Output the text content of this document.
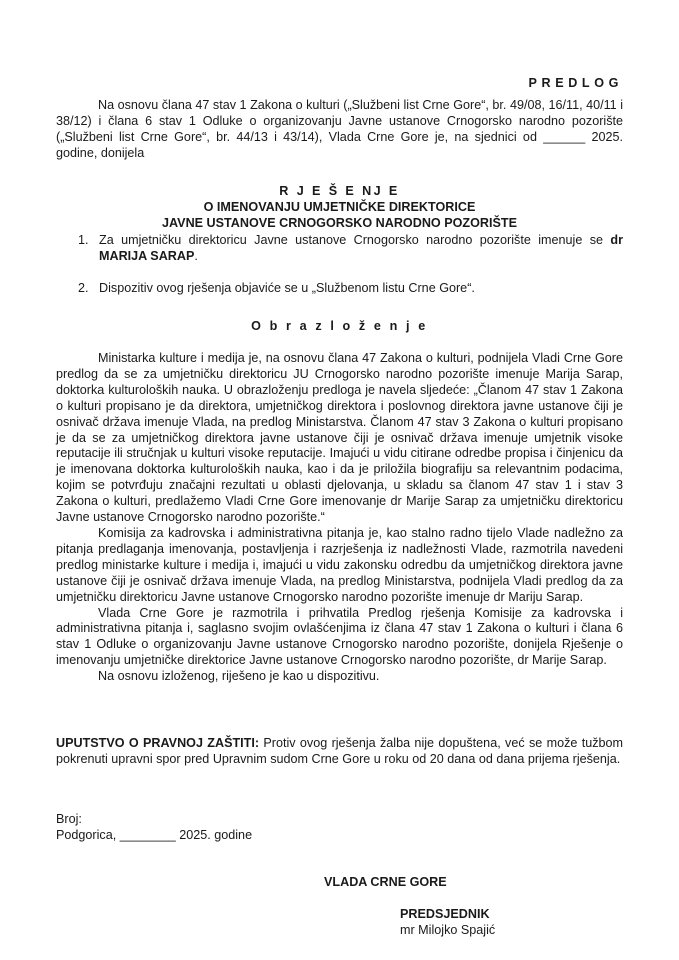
PREDLOG

Na osnovu člana 47 stav 1 Zakona o kulturi („Službeni list Crne Gore“, br. 49/08, 16/11, 40/11 i 38/12) i člana 6 stav 1 Odluke o organizovanju Javne ustanove Crnogorsko narodno pozorište („Službeni list Crne Gore“, br. 44/13 i 43/14), Vlada Crne Gore je, na sjednici od ______ 2025. godine, donijela

R J E Š E NJ E
O IMENOVANJU UMJETNIČKE DIREKTORICE
JAVNE USTANOVE CRNOGORSKO NARODNO POZORIŠTE
1. Za umjetničku direktoricu Javne ustanove Crnogorsko narodno pozorište imenuje se dr MARIJA SARAP.
2. Dispozitiv ovog rješenja objaviće se u „Službenom listu Crne Gore“.
O b r a z l o ž e n j e

Ministarka kulture i medija je, na osnovu člana 47 Zakona o kulturi, podnijela Vladi Crne Gore predlog da se za umjetničku direktoricu JU Crnogorsko narodno pozorište imenuje Marija Sarap, doktorka kulturoloških nauka. U obrazloženju predloga je navela sljedeće: „Članom 47 stav 1 Zakona o kulturi propisano je da direktora, umjetničkog direktora i poslovnog direktora javne ustanove čiji je osnivač država imenuje Vlada, na predlog Ministarstva. Članom 47 stav 3 Zakona o kulturi propisano je da se za umjetničkog direktora javne ustanove čiji je osnivač država imenuje umjetnik visoke reputacije ili stručnjak u kulturi visoke reputacije. Imajući u vidu citirane odredbe propisa i činjenicu da je imenovana doktorka kulturoloških nauka, kao i da je priložila biografiju sa relevantnim podacima, kojim se potvrđuju značajni rezultati u oblasti djelovanja, u skladu sa članom 47 stav 1 i stav 3 Zakona o kulturi, predlažemo Vladi Crne Gore imenovanje dr Marije Sarap za umjetničku direktoricu Javne ustanove Crnogorsko narodno pozorište.“

Komisija za kadrovska i administrativna pitanja je, kao stalno radno tijelo Vlade nadležno za pitanja predlaganja imenovanja, postavljenja i razrješenja iz nadležnosti Vlade, razmotrila navedeni predlog ministarke kulture i medija i, imajući u vidu zakonsku odredbu da umjetničkog direktora javne ustanove čiji je osnivač država imenuje Vlada, na predlog Ministarstva, podnijela Vladi predlog da za umjetničku direktoricu Javne ustanove Crnogorsko narodno pozorište imenuje dr Mariju Sarap.

Vlada Crne Gore je razmotrila i prihvatila Predlog rješenja Komisije za kadrovska i administrativna pitanja i, saglasno svojim ovlašćenjima iz člana 47 stav 1 Zakona o kulturi i člana 6 stav 1 Odluke o organizovanju Javne ustanove Crnogorsko narodno pozorište, donijela Rješenje o imenovanju umjetničke direktorice Javne ustanove Crnogorsko narodno pozorište, dr Marije Sarap.

Na osnovu izloženog, riješeno je kao u dispozitivu.

UPUTSTVO O PRAVNOJ ZAŠTITI: Protiv ovog rješenja žalba nije dopuštena, već se može tužbom pokrenuti upravni spor pred Upravnim sudom Crne Gore u roku od 20 dana od dana prijema rješenja.

Broj:
Podgorica, ________ 2025. godine
VLADA CRNE GORE
PREDSJEDNIK
mr Milojko Spajić
